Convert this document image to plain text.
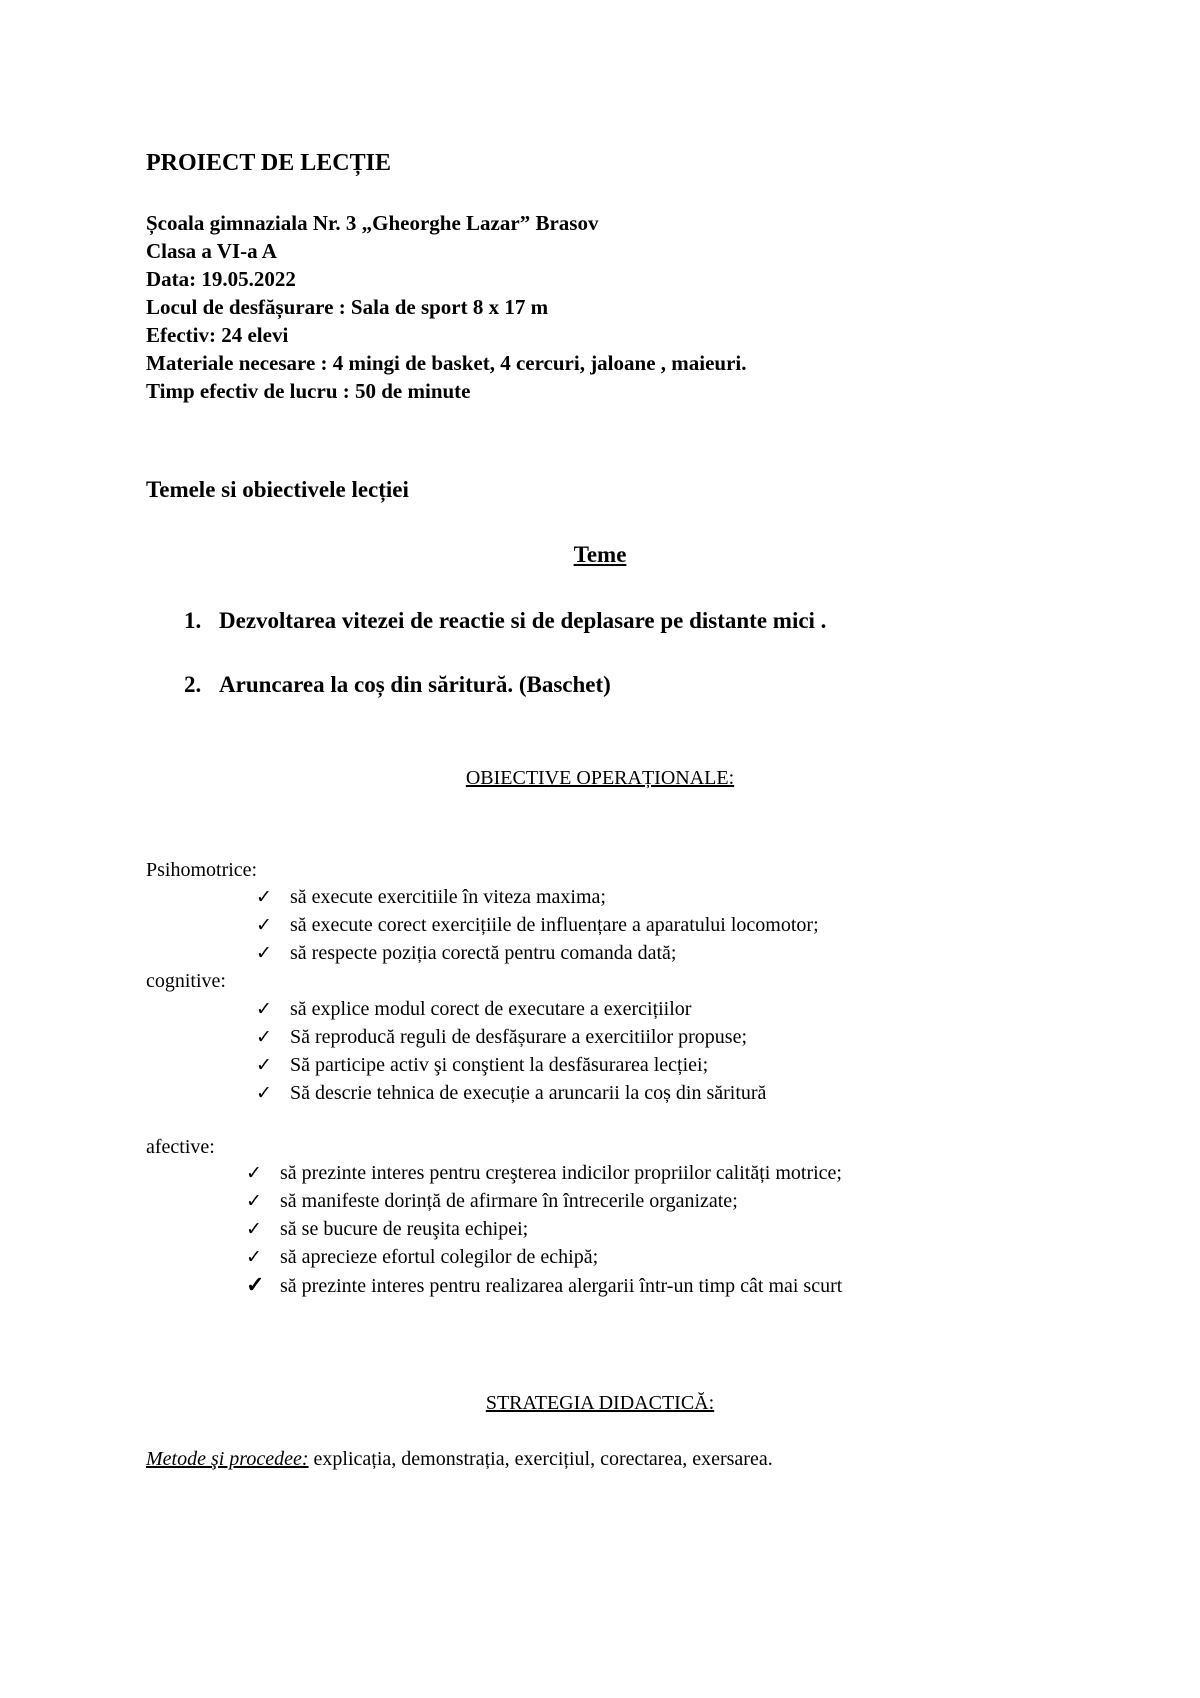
PROIECT DE LECȚIE
Școala gimnaziala Nr. 3 „Gheorghe Lazar” Brasov
Clasa a VI-a A
Data: 19.05.2022
Locul de desfășurare : Sala de sport 8 x 17 m
Efectiv: 24 elevi
Materiale necesare : 4 mingi de basket, 4 cercuri, jaloane , maieuri.
Timp efectiv de lucru : 50 de minute
Temele si obiectivele lecției
Teme
1. Dezvoltarea vitezei de reactie si de deplasare pe distante mici .
2. Aruncarea la coș din săritură. (Baschet)
OBIECTIVE OPERAȚIONALE:
Psihomotrice:
✓ să execute exercitiile în viteza maxima;
✓ să execute corect exercițiile de influențare a aparatului locomotor;
✓ să respecte poziția corectă pentru comanda dată;
cognitive:
✓ să explice modul corect de executare a exercițiilor
✓ Să reproducă reguli de desfășurare a exercitiilor propuse;
✓ Să participe activ şi conştient la desfăsurarea lecției;
✓ Să descrie tehnica de execuție a aruncarii la coș din săritură
afective:
✓ să prezinte interes pentru creşterea indicilor propriilor calități motrice;
✓ să manifeste dorință de afirmare în întrecerile organizate;
✓ să se bucure de reuşita echipei;
✓ să aprecieze efortul colegilor de echipă;
✓ să prezinte interes pentru realizarea alergarii într-un timp cât mai scurt
STRATEGIA DIDACTICĂ:
Metode şi procedee: explicația, demonstrația, exercițiul, corectarea, exersarea.
